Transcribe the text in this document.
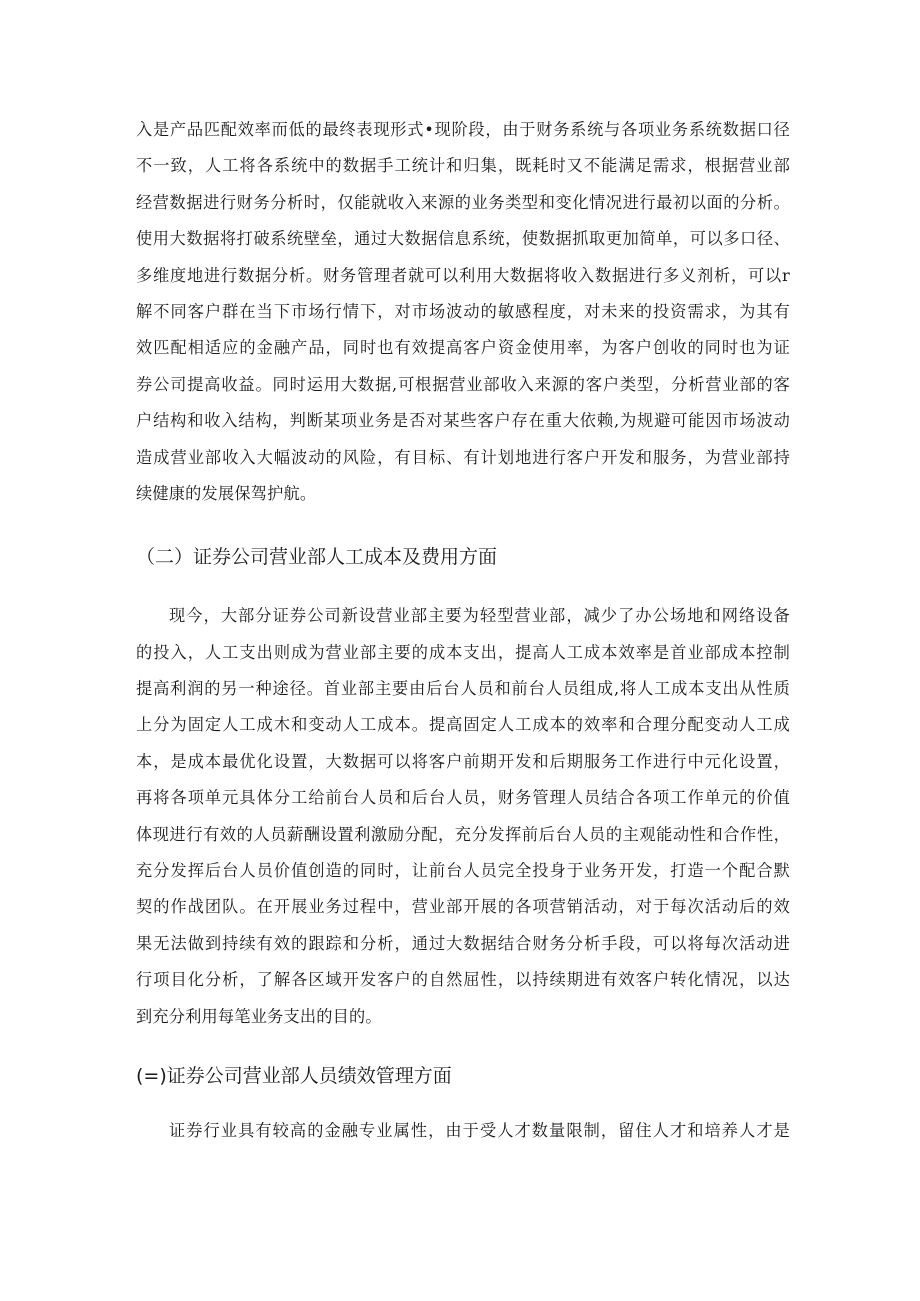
入是产品匹配效率而低的最终表现形式•现阶段，由于财务系统与各项业务系统数据口径
不一致，人工将各系统中的数据手工统计和归集，既耗时又不能满足需求，根据营业部
经营数据进行财务分析时，仅能就收入来源的业务类型和变化情况进行最初以面的分析。
使用大数据将打破系统壁垒，通过大数据信息系统，使数据抓取更加简单，可以多口径、
多维度地进行数据分析。财务管理者就可以利用大数据将收入数据进行多义剂析，可以r
解不同客户群在当下市场行情下，对市场波动的敏感程度，对未来的投资需求，为其有
效匹配相适应的金融产品，同时也有效提高客户资金使用率，为客户创收的同时也为证
券公司提高收益。同时运用大数据,可根据营业部收入来源的客户类型，分析营业部的客
户结构和收入结构，判断某项业务是否对某些客户存在重大依赖,为规避可能因市场波动
造成营业部收入大幅波动的风险，有目标、有计划地进行客户开发和服务，为营业部持
续健康的发展保驾护航。
（二）证券公司营业部人工成本及费用方面
现今，大部分证券公司新设营业部主要为轻型营业部，减少了办公场地和网络设备
的投入，人工支出则成为营业部主要的成本支出，提高人工成本效率是首业部成本控制
提高利润的另一种途径。首业部主要由后台人员和前台人员组成,将人工成本支出从性质
上分为固定人工成木和变动人工成本。提高固定人工成本的效率和合理分配变动人工成
本，是成本最优化设置，大数据可以将客户前期开发和后期服务工作进行中元化设置，
再将各项单元具体分工给前台人员和后台人员，财务管理人员结合各项工作单元的价值
体现进行有效的人员薪酬设置利激励分配，充分发挥前后台人员的主观能动性和合作性，
充分发挥后台人员价值创造的同时，让前台人员完全投身于业务开发，打造一个配合默
契的作战团队。在开展业务过程中，营业部开展的各项营销活动，对于每次活动后的效
果无法做到持续有效的跟踪和分析，通过大数据结合财务分析手段，可以将每次活动进
行项目化分析，了解各区域开发客户的自然屈性，以持续期进有效客户转化情况，以达
到充分利用每笔业务支出的目的。
(=)证券公司营业部人员绩效管理方面
证券行业具有较高的金融专业属性，由于受人才数量限制，留住人才和培养人才是
